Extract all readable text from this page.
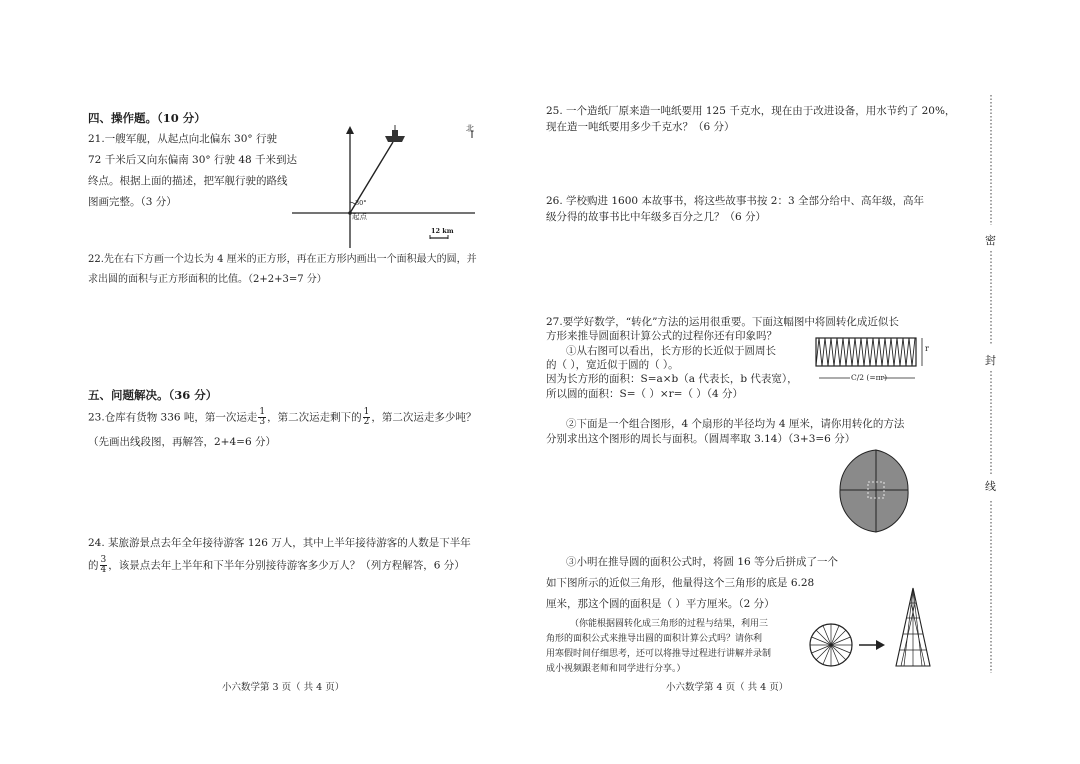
四、操作题。（10 分）
21.一艘军舰，从起点向北偏东 30° 行驶
72 千米后又向东偏南 30° 行驶 48 千米到达
终点。根据上面的描述，把军舰行驶的路线
图画完整。（3 分）
北
起点
30°
12 km
22.先在右下方画一个边长为 4 厘米的正方形，再在正方形内画出一个面积最大的圆，并
求出圆的面积与正方形面积的比值。（2+2+3=7 分）
五、问题解决。（36 分）
23.仓库有货物 336 吨，第一次运走 $\frac{1}{3}$ ，第二次运走剩下的 $\frac{1}{2}$ ，第二次运走多少吨？
（先画出线段图，再解答，2+4=6 分）
24. 某旅游景点去年全年接待游客 126 万人，其中上半年接待游客的人数是下半年
的 $\frac{3}{4}$ ，该景点去年上半年和下半年分别接待游客多少万人？（列方程解答，6 分）
小六数学第 3 页（ 共 4 页）
25. 一个造纸厂原来造一吨纸要用 125 千克水，现在由于改进设备，用水节约了 20%，
现在造一吨纸要用多少千克水？（6 分）
26. 学校购进 1600 本故事书，将这些故事书按 2：3 全部分给中、高年级，高年
级分得的故事书比中年级多百分之几？（6 分）
27.要学好数学，“转化”方法的运用很重要。下面这幅图中将圆转化成近似长
方形来推导圆面积计算公式的过程你还有印象吗？
①从右图可以看出，长方形的长近似于圆周长
的（ ），宽近似于圆的（ ）。
因为长方形的面积：S=a×b（a 代表长，b 代表宽），
所以圆的面积：S=（ ）×r=（ ）（4 分）
r
C/2 (=πr)
②下面是一个组合图形，4 个扇形的半径均为 4 厘米，请你用转化的方法
分别求出这个图形的周长与面积。（圆周率取 3.14）（3+3=6 分）
③小明在推导圆的面积公式时，将圆 16 等分后拼成了一个
如下图所示的近似三角形，他量得这个三角形的底是 6.28
厘米，那这个圆的面积是（ ）平方厘米。（2 分）
（你能根据圆转化成三角形的过程与结果，利用三
角形的面积公式来推导出圆的面积计算公式吗？请你利
用寒假时间仔细思考，还可以将推导过程进行讲解并录制
成小视频跟老师和同学进行分享。）
小六数学第 4 页（ 共 4 页）
密
封
线
